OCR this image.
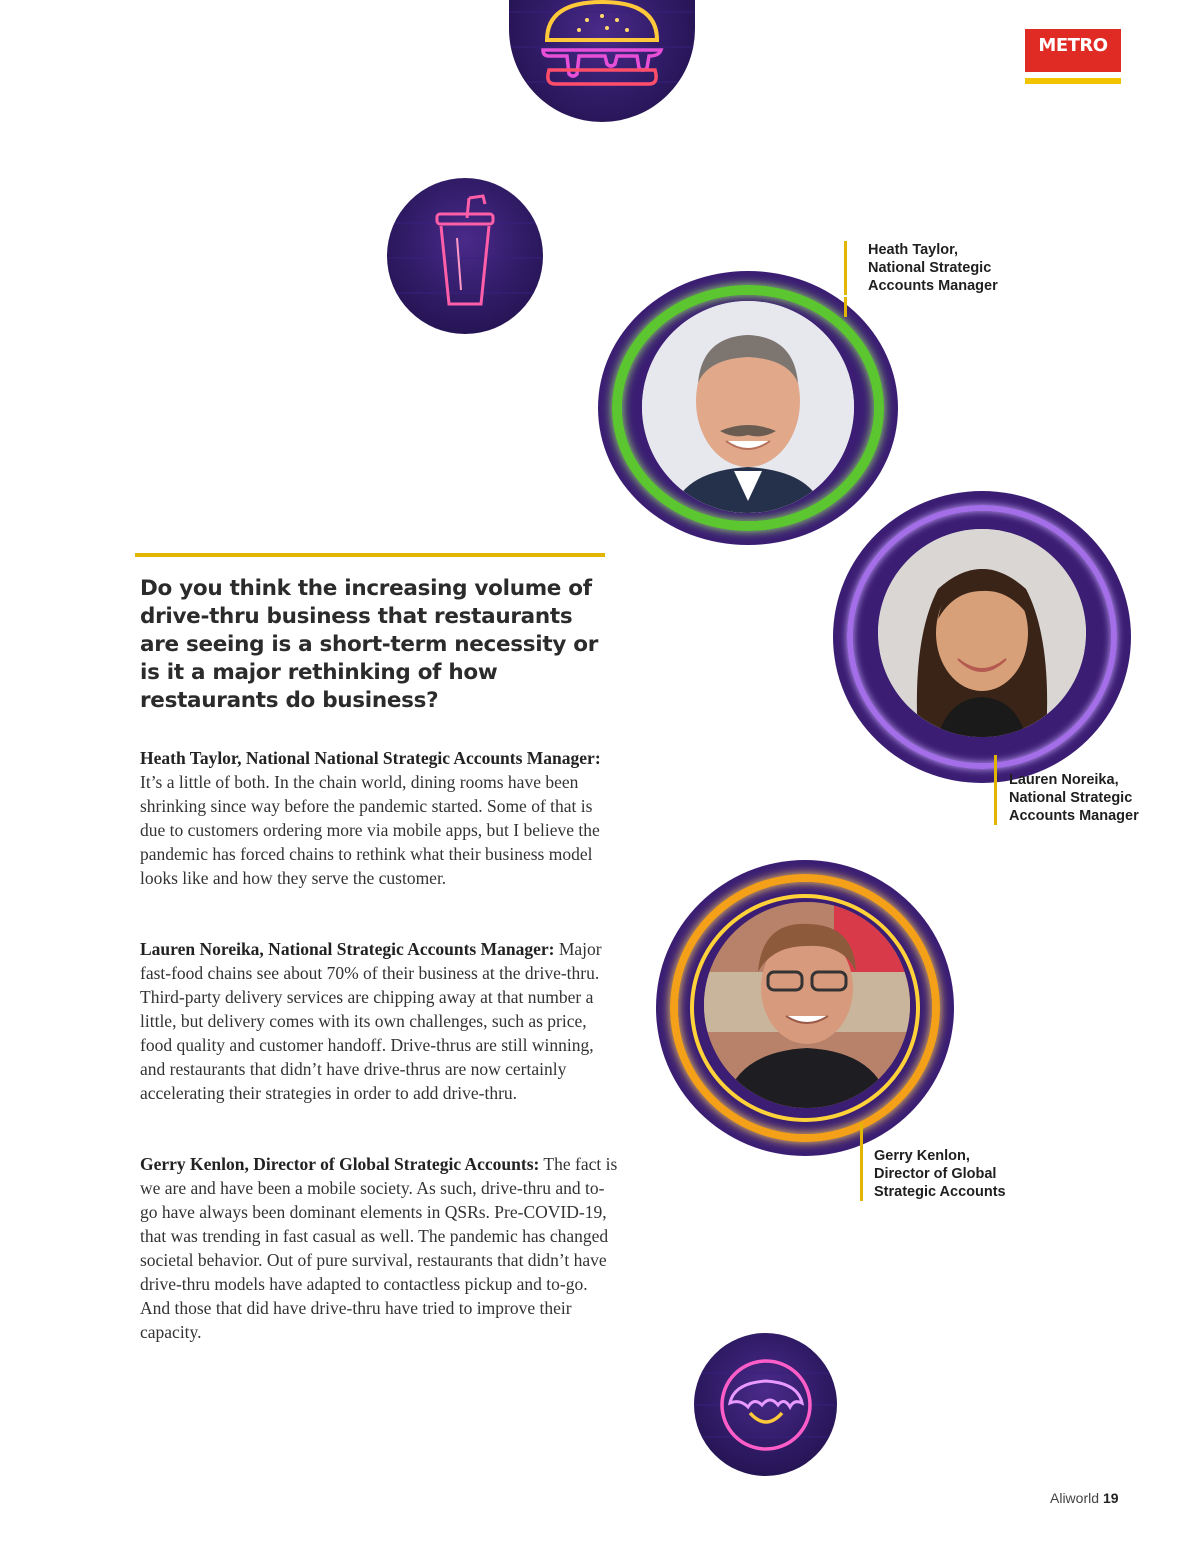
METRO
Heath Taylor,
National Strategic
Accounts Manager
Lauren Noreika,
National Strategic
Accounts Manager
Gerry Kenlon,
Director of Global
Strategic Accounts
Do you think the increasing volume of drive-thru business that restaurants are seeing is a short-term necessity or is it a major rethinking of how restaurants do business?
Heath Taylor, National National Strategic Accounts Manager: It’s a little of both. In the chain world, dining rooms have been shrinking since way before the pandemic started. Some of that is due to customers ordering more via mobile apps, but I believe the pandemic has forced chains to rethink what their business model looks like and how they serve the customer.
Lauren Noreika, National Strategic Accounts Manager: Major fast-food chains see about 70% of their business at the drive-thru. Third-party delivery services are chipping away at that number a little, but delivery comes with its own challenges, such as price, food quality and customer handoff. Drive-thrus are still winning, and restaurants that didn’t have drive-thrus are now certainly accelerating their strategies in order to add drive-thru.
Gerry Kenlon, Director of Global Strategic Accounts: The fact is we are and have been a mobile society. As such, drive-thru and to-go have always been dominant elements in QSRs. Pre-COVID-19, that was trending in fast casual as well. The pandemic has changed societal behavior. Out of pure survival, restaurants that didn’t have drive-thru models have adapted to contactless pickup and to-go. And those that did have drive-thru have tried to improve their capacity.
Aliworld 19
